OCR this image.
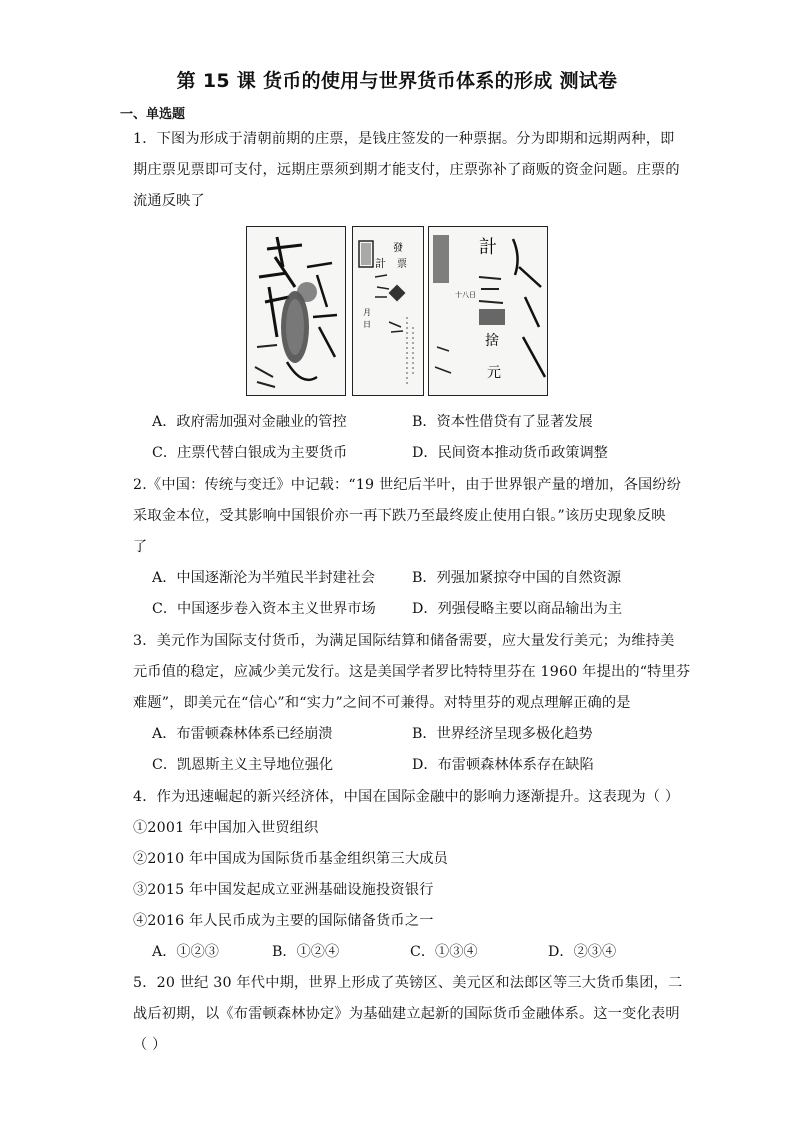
第 15 课 货币的使用与世界货币体系的形成 测试卷
一、单选题
1．下图为形成于清朝前期的庄票，是钱庄签发的一种票据。分为即期和远期两种，即
期庄票见票即可支付，远期庄票须到期才能支付，庄票弥补了商贩的资金问题。庄票的
流通反映了
計
發
票
月
日
計
十八日
捨
元
A．政府需加强对金融业的管控	B．资本性借贷有了显著发展
C．庄票代替白银成为主要货币	D．民间资本推动货币政策调整
2.《中国：传统与变迁》中记载：“19 世纪后半叶，由于世界银产量的增加，各国纷纷
采取金本位，受其影响中国银价亦一再下跌乃至最终废止使用白银。”该历史现象反映
了
A．中国逐渐沦为半殖民半封建社会	B．列强加紧掠夺中国的自然资源
C．中国逐步卷入资本主义世界市场	D．列强侵略主要以商品输出为主
3．美元作为国际支付货币，为满足国际结算和储备需要，应大量发行美元；为维持美
元币值的稳定，应减少美元发行。这是美国学者罗比特特里芬在 1960 年提出的“特里芬
难题”，即美元在“信心”和“实力”之间不可兼得。对特里芬的观点理解正确的是
A．布雷顿森林体系已经崩溃	B．世界经济呈现多极化趋势
C．凯恩斯主义主导地位强化	D．布雷顿森林体系存在缺陷
4．作为迅速崛起的新兴经济体，中国在国际金融中的影响力逐渐提升。这表现为（ ）
①2001 年中国加入世贸组织
②2010 年中国成为国际货币基金组织第三大成员
③2015 年中国发起成立亚洲基础设施投资银行
④2016 年人民币成为主要的国际储备货币之一
A．①②③	B．①②④	C．①③④	D．②③④
5．20 世纪 30 年代中期，世界上形成了英镑区、美元区和法郎区等三大货币集团，二
战后初期，以《布雷顿森林协定》为基础建立起新的国际货币金融体系。这一变化表明
（ ）
